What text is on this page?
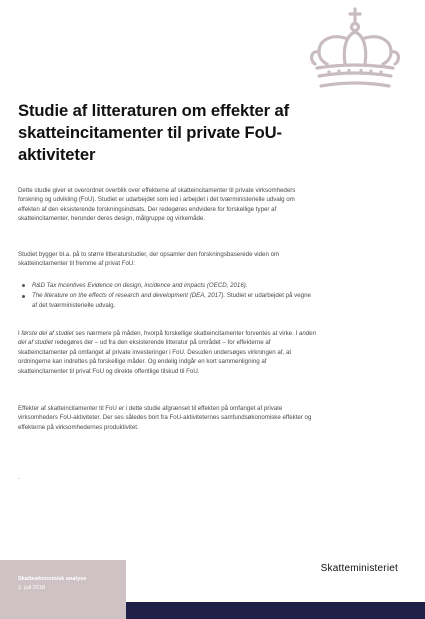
Studie af litteraturen om effekter af skatteincitamenter til private FoU-aktiviteter

Dette studie giver et overordnet overblik over effekterne af skatteincitamenter til private virksomheders forskning og udvikling (FoU). Studiet er udarbejdet som led i arbejdet i det tværministerielle udvalg om effekten af den eksisterende forskningsindsats. Der redegøres endvidere for forskellige typer af skatteincitamenter, herunder deres design, målgruppe og virkemåde.

Studiet bygger bl.a. på to større litteraturstudier, der opsamler den forskningsbaserede viden om skatteincitamenter til fremme af privat FoU:

R&D Tax Incentives Evidence on design, incidence and impacts (OECD, 2016).
The literature on the effects of research and development (DEA, 2017). Studiet er udarbejdet på vegne af det tværministerielle udvalg.

I første del af studiet ses nærmere på måden, hvorpå forskellige skatteincitamenter forventes at virke. I anden del af studiet redegøres der – ud fra den eksisterende litteratur på området – for effekterne af skatteincitamenter på omfanget af private investeringer i FoU. Desuden undersøges virkningen af, at ordningerne kan indrettes på forskellige måder. Og endelig indgår en kort sammenligning af skatteincitamenter til privat FoU og direkte offentlige tilskud til FoU.

Effekter af skatteincitamenter til FoU er i dette studie afgrænset til effekten på omfanget af private virksomheders FoU-aktiviteter. Der ses således bort fra FoU-aktiviteternes samfundsøkonomiske effekter og effekterne på virksomhedernes produktivitet.

.
Skatteøkonomisk analyse
2. juli 2018
Skatteministeriet
